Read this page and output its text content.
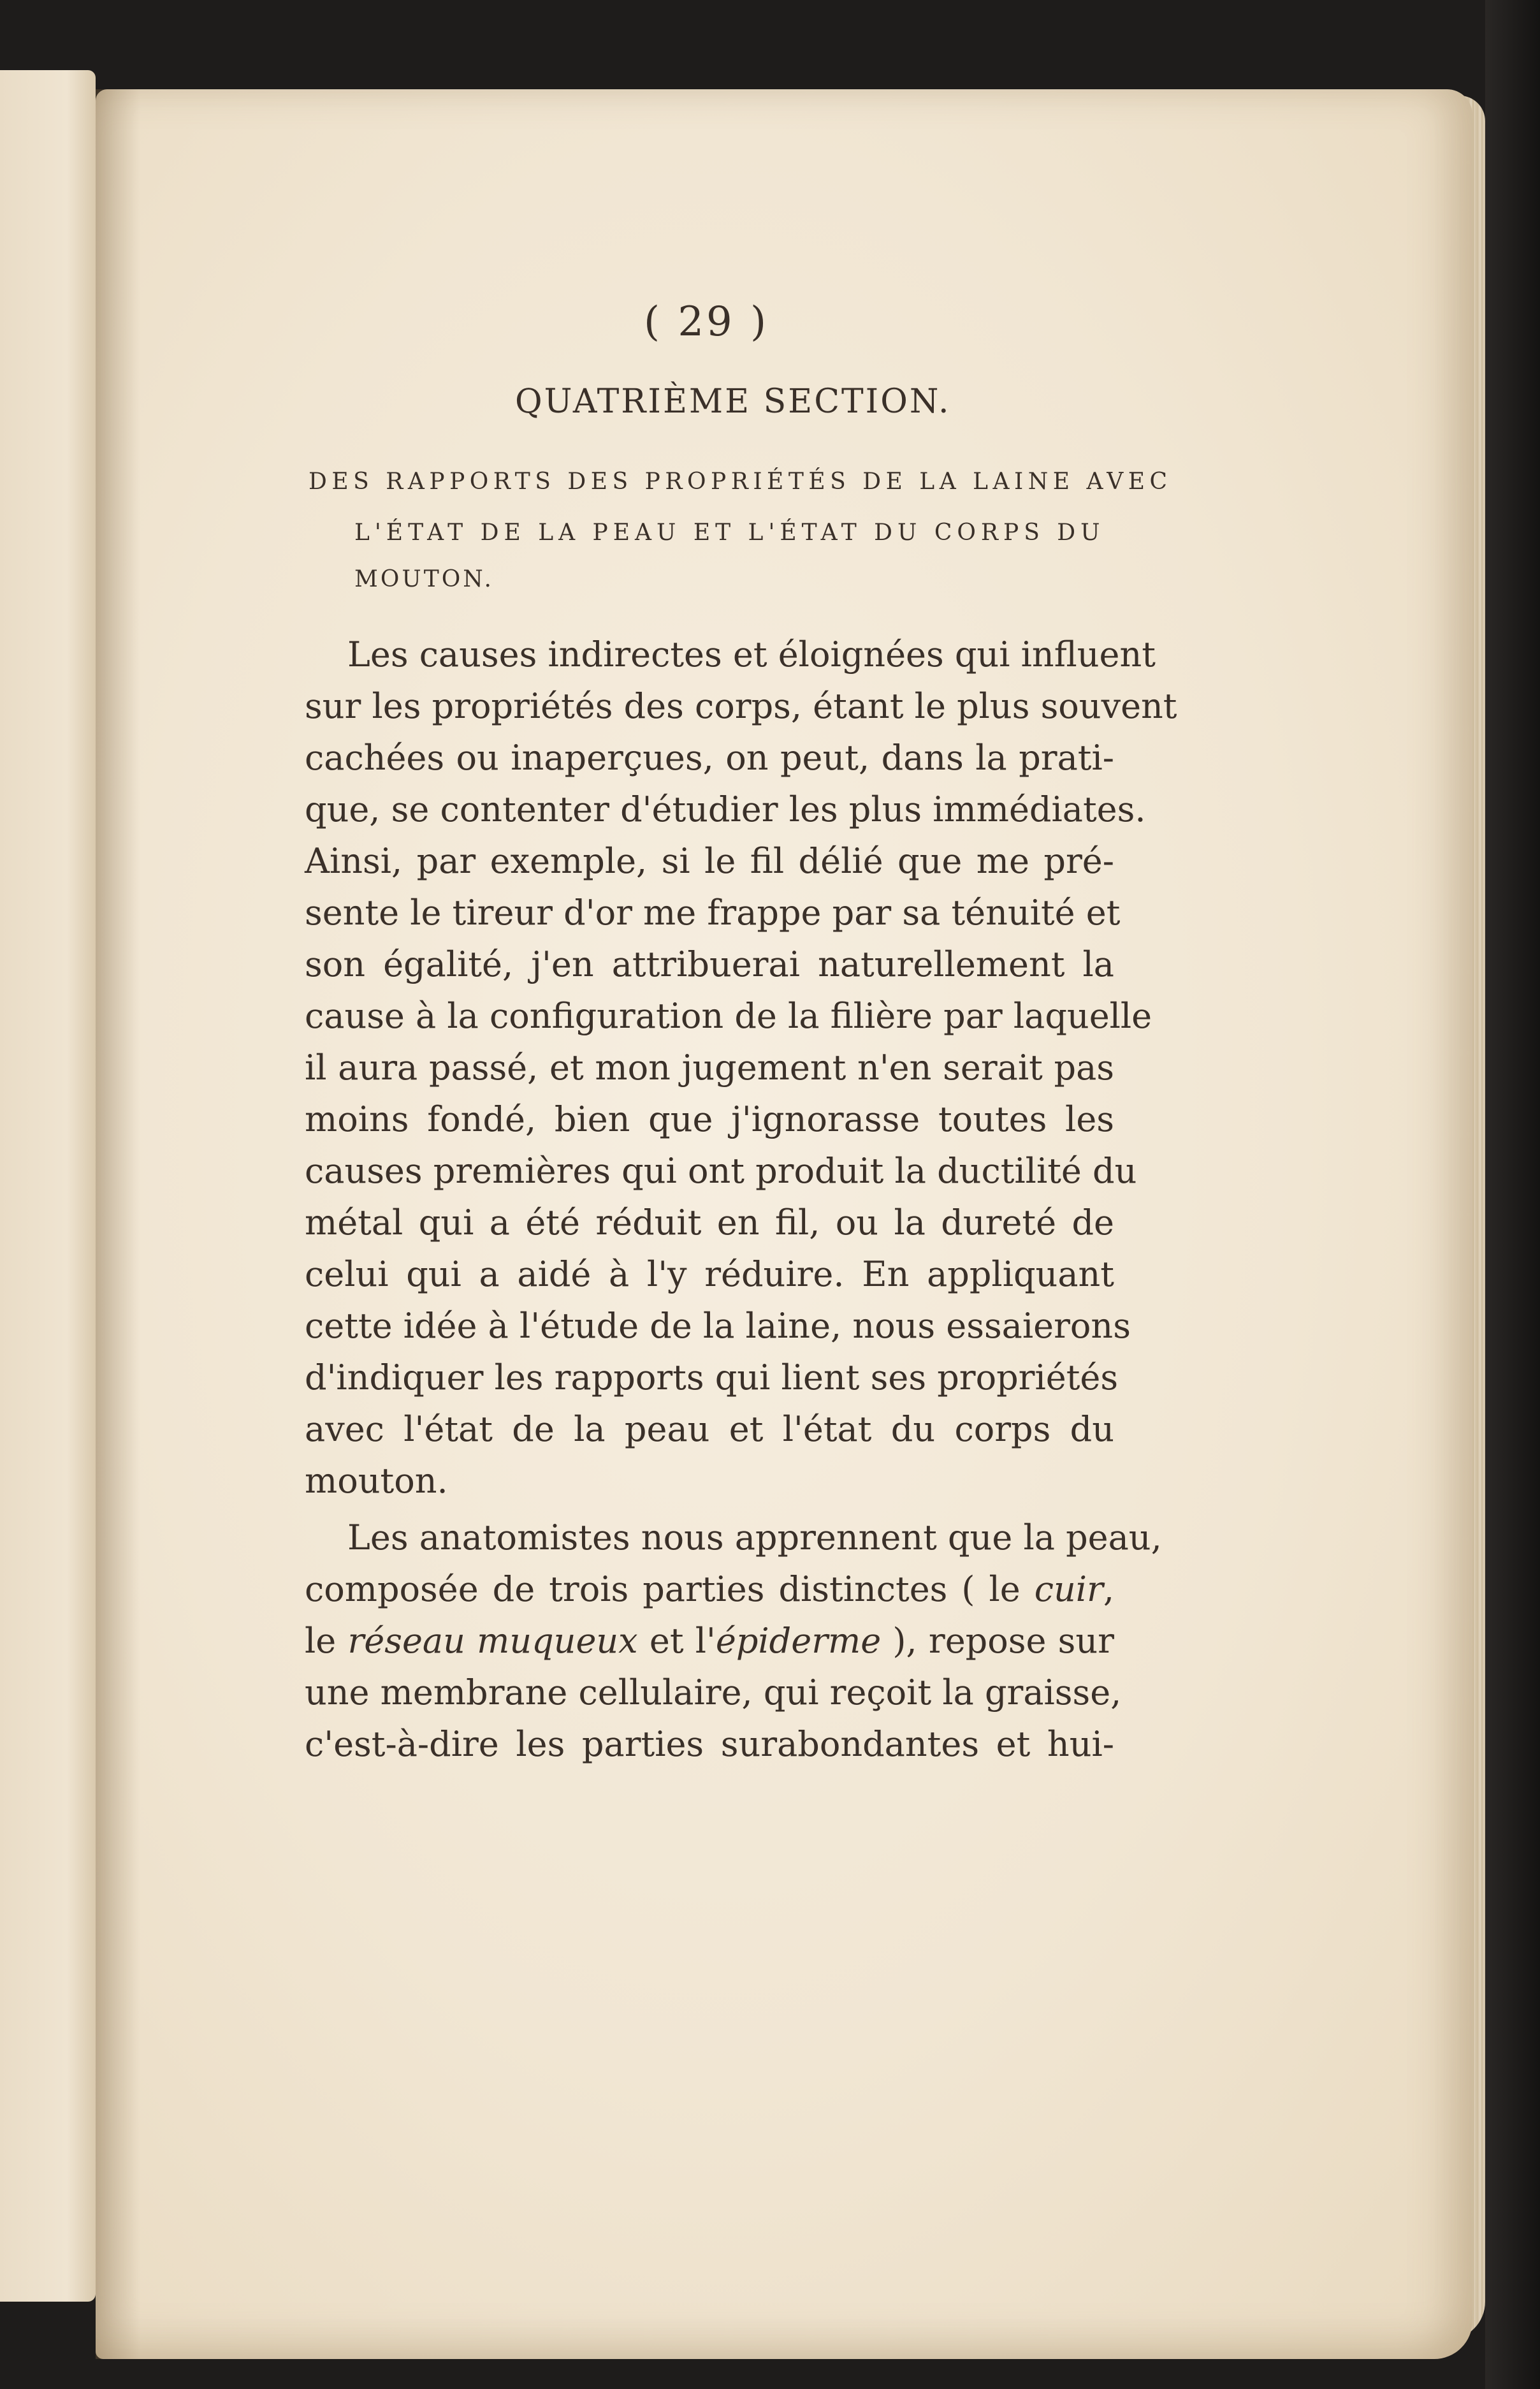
( 29 )
QUATRIÈME SECTION.
DES RAPPORTS DES PROPRIÉTÉS DE LA LAINE AVEC
L'ÉTAT DE LA PEAU ET L'ÉTAT DU CORPS DU
MOUTON.
Les causes indirectes et éloignées qui influent
sur les propriétés des corps, étant le plus souvent
cachées ou inaperçues, on peut, dans la prati-
que, se contenter d'étudier les plus immédiates.
Ainsi, par exemple, si le fil délié que me pré-
sente le tireur d'or me frappe par sa ténuité et
son égalité, j'en attribuerai naturellement la
cause à la configuration de la filière par laquelle
il aura passé, et mon jugement n'en serait pas
moins fondé, bien que j'ignorasse toutes les
causes premières qui ont produit la ductilité du
métal qui a été réduit en fil, ou la dureté de
celui qui a aidé à l'y réduire. En appliquant
cette idée à l'étude de la laine, nous essaierons
d'indiquer les rapports qui lient ses propriétés
avec l'état de la peau et l'état du corps du
mouton.
Les anatomistes nous apprennent que la peau,
composée de trois parties distinctes ( le cuir,
le réseau muqueux et l'épiderme ), repose sur
une membrane cellulaire, qui reçoit la graisse,
c'est-à-dire les parties surabondantes et hui-
